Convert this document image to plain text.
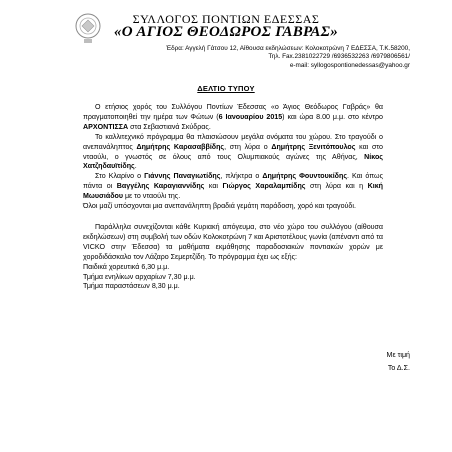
ΣΥΛΛΟΓΟΣ ΠΟΝΤΙΩΝ ΕΔΕΣΣΑΣ
«Ο ΑΓΙΟΣ ΘΕΟΔΩΡΟΣ ΓΑΒΡΑΣ»
Έδρα: Αγγελή Γάτσου 12, Αίθουσα εκδηλώσεων: Κολοκοτρώνη 7 ΕΔΕΣΣΑ, Τ.Κ.58200,
Τηλ. Fax.2381022729 /6936532263 /6979806561/
e-mail: syllogospontionedessas@yahoo.gr
ΔΕΛΤΙΟ ΤΥΠΟΥ

Ο ετήσιος χορός του Συλλόγου Ποντίων Έδεσσας «ο Άγιος Θεόδωρος Γαβράς» θα πραγματοποιηθεί την ημέρα των Φώτων (6 Ιανουαρίου 2015) και ώρα 8.00 μ.μ. στο κέντρο ΑΡΧΟΝΤΙΣΣΑ στα Σεβαστιανά Σκύδρας.

Το καλλιτεχνικό πρόγραμμα θα πλαισιώσουν μεγάλα ονόματα του χώρου. Στο τραγούδι ο ανεπανάληπτος Δημήτρης Καρασαββίδης, στη λύρα ο Δημήτρης Ξενιτόπουλος και στο νταούλι, ο γνωστός σε όλους από τους Ολυμπιακούς αγώνες της Αθήνας, Νίκος Χατζηδαυϊτίδης.

Στο Κλαρίνο ο Γιάννης Παναγιωτίδης, πλήκτρα ο Δημήτρης Φουντουκίδης. Και όπως πάντα οι Βαγγέλης Καραγιαννίδης και Γιώργος Χαραλαμπίδης στη λύρα και η Κική Μωυσιάδου με το νταούλι της.

Όλοι μαζί υπόσχονται μια ανεπανάληπτη βραδιά γεμάτη παράδοση, χορό και τραγούδι.

Παράλληλα συνεχίζονται κάθε Κυριακή απόγευμα, στο νέο χώρο του συλλόγου (αίθουσα εκδηλώσεων) στη συμβολή των οδών Κολοκοτρώνη 7 και Αριστοτέλους γωνία (απέναντι από τα VICKO στην Έδεσσα) τα μαθήματα εκμάθησης παραδοσιακών ποντιακών χορών με χοροδιδάσκαλο τον Λάζαρο Σεμερτζίδη. Το πρόγραμμα έχει ως εξής:

Παιδικά χορευτικά 6,30 μ.μ.

Τμήμα ενηλίκων αρχαρίων 7,30 μ.μ.

Τμήμα παραστάσεων 8,30 μ.μ.

Με τιμή
Το Δ.Σ.
